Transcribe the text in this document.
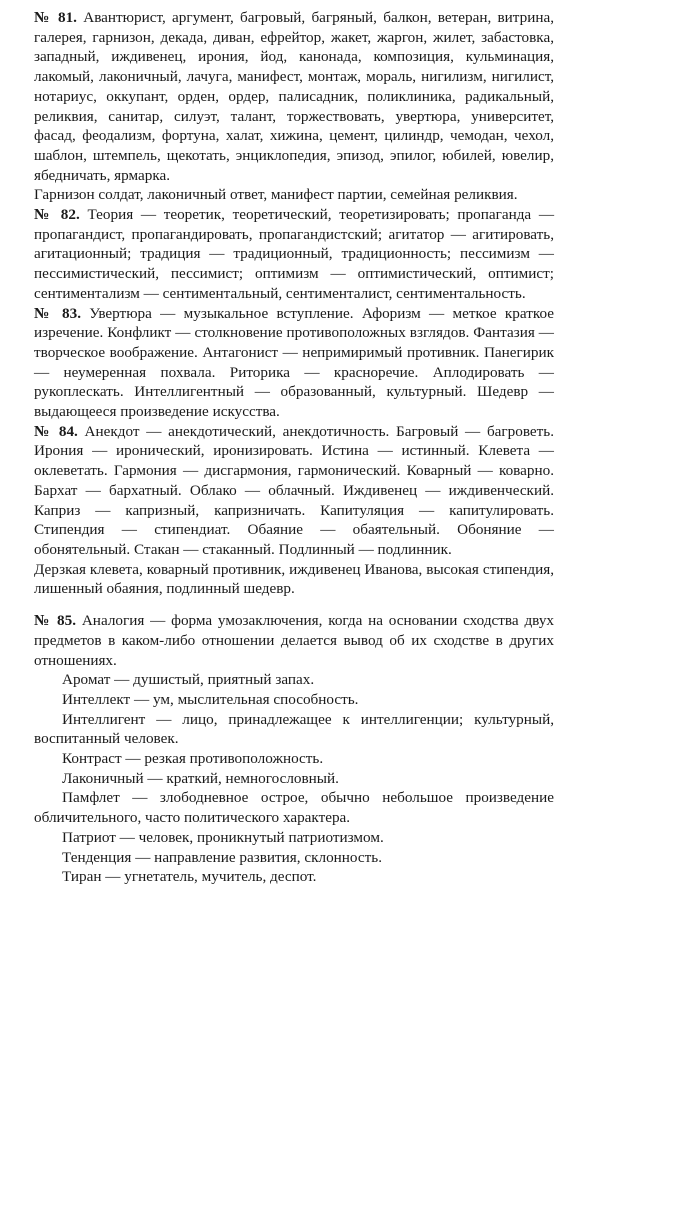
№ 81. Авантюрист, аргумент, багровый, багряный, балкон, ветеран, витрина, галерея, гарнизон, декада, диван, ефрейтор, жакет, жаргон, жилет, забастовка, западный, иждивенец, ирония, йод, канонада, композиция, кульминация, лакомый, лаконичный, лачуга, манифест, монтаж, мораль, нигилизм, нигилист, нотариус, оккупант, орден, ордер, палисадник, поликлиника, радикальный, реликвия, санитар, силуэт, талант, торжествовать, увертюра, университет, фасад, феодализм, фортуна, халат, хижина, цемент, цилиндр, чемодан, чехол, шаблон, штемпель, щекотать, энциклопедия, эпизод, эпилог, юбилей, ювелир, ябедничать, ярмарка.

Гарнизон солдат, лаконичный ответ, манифест партии, семейная реликвия.

№ 82. Теория — теоретик, теоретический, теоретизировать; пропаганда — пропагандист, пропагандировать, пропагандистский; агитатор — агитировать, агитационный; традиция — традиционный, традиционность; пессимизм — пессимистический, пессимист; оптимизм — оптимистический, оптимист; сентиментализм — сентиментальный, сентименталист, сентиментальность.

№ 83. Увертюра — музыкальное вступление. Афоризм — меткое краткое изречение. Конфликт — столкновение противоположных взглядов. Фантазия — творческое воображение. Антагонист — непримиримый противник. Панегирик — неумеренная похвала. Риторика — красноречие. Аплодировать — рукоплескать. Интеллигентный — образованный, культурный. Шедевр — выдающееся произведение искусства.

№ 84. Анекдот — анекдотический, анекдотичность. Багровый — багроветь. Ирония — иронический, иронизировать. Истина — истинный. Клевета — оклеветать. Гармония — дисгармония, гармонический. Коварный — коварно. Бархат — бархатный. Облако — облачный. Иждивенец — иждивенческий. Каприз — капризный, капризничать. Капитуляция — капитулировать. Стипендия — стипендиат. Обаяние — обаятельный. Обоняние — обонятельный. Стакан — стаканный. Подлинный — подлинник.

Дерзкая клевета, коварный противник, иждивенец Иванова, высокая стипендия, лишенный обаяния, подлинный шедевр.

№ 85. Аналогия — форма умозаключения, когда на основании сходства двух предметов в каком-либо отношении делается вывод об их сходстве в других отношениях.

Аромат — душистый, приятный запах.

Интеллект — ум, мыслительная способность.

Интеллигент — лицо, принадлежащее к интеллигенции; культурный, воспитанный человек.

Контраст — резкая противоположность.

Лаконичный — краткий, немногословный.

Памфлет — злободневное острое, обычно небольшое произведение обличительного, часто политического характера.

Патриот — человек, проникнутый патриотизмом.

Тенденция — направление развития, склонность.

Тиран — угнетатель, мучитель, деспот.
